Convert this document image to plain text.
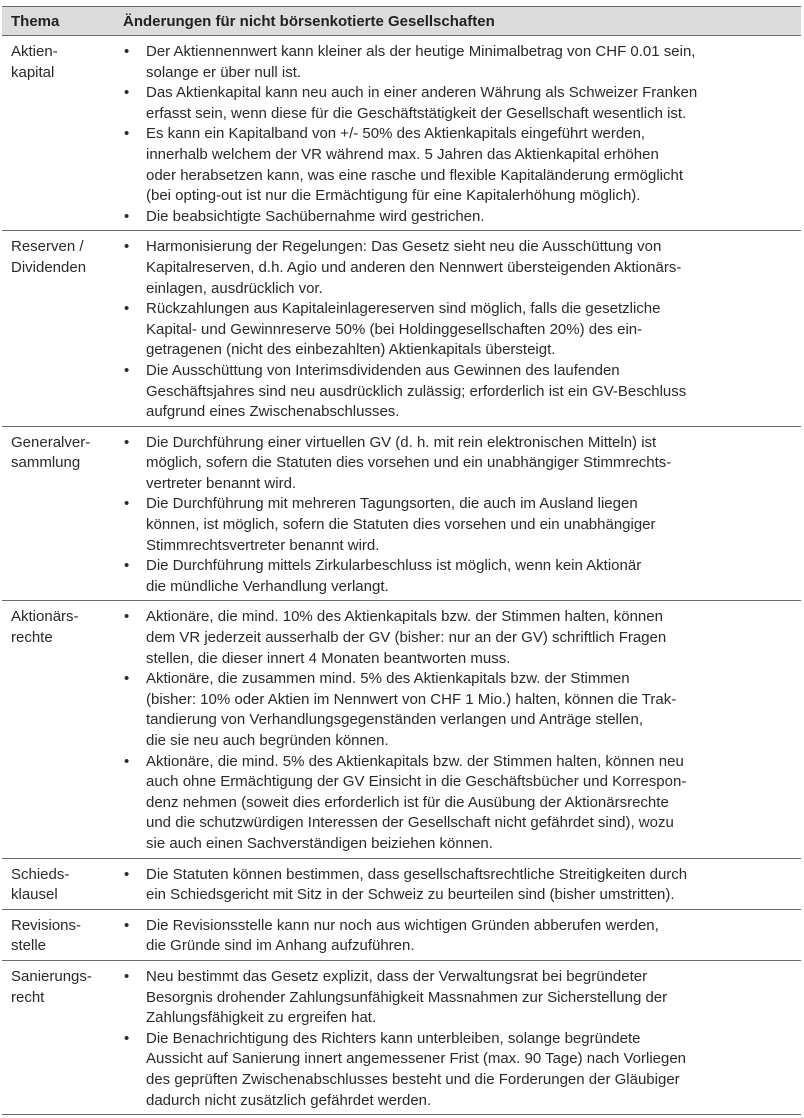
Thema	Änderungen für nicht börsenkotierte Gesellschaften
Aktien-
kapital
•	Der Aktiennennwert kann kleiner als der heutige Minimalbetrag von CHF 0.01 sein,
solange er über null ist.
•	Das Aktienkapital kann neu auch in einer anderen Währung als Schweizer Franken
erfasst sein, wenn diese für die Geschäftstätigkeit der Gesellschaft wesentlich ist.
•	Es kann ein Kapitalband von +/- 50% des Aktienkapitals eingeführt werden,
innerhalb welchem der VR während max. 5 Jahren das Aktienkapital erhöhen
oder herabsetzen kann, was eine rasche und flexible Kapitaländerung ermöglicht
(bei opting-out ist nur die Ermächtigung für eine Kapitalerhöhung möglich).
•	Die beabsichtigte Sachübernahme wird gestrichen.
Reserven /
Dividenden
•	Harmonisierung der Regelungen: Das Gesetz sieht neu die Ausschüttung von
Kapitalreserven, d.h. Agio und anderen den Nennwert übersteigenden Aktionärs-
einlagen, ausdrücklich vor.
•	Rückzahlungen aus Kapitaleinlagereserven sind möglich, falls die gesetzliche
Kapital- und Gewinnreserve 50% (bei Holdinggesellschaften 20%) des ein-
getragenen (nicht des einbezahlten) Aktienkapitals übersteigt.
•	Die Ausschüttung von Interimsdividenden aus Gewinnen des laufenden
Geschäftsjahres sind neu ausdrücklich zulässig; erforderlich ist ein GV-Beschluss
aufgrund eines Zwischenabschlusses.
Generalver-
sammlung
•	Die Durchführung einer virtuellen GV (d. h. mit rein elektronischen Mitteln) ist
möglich, sofern die Statuten dies vorsehen und ein unabhängiger Stimmrechts-
vertreter benannt wird.
•	Die Durchführung mit mehreren Tagungsorten, die auch im Ausland liegen
können, ist möglich, sofern die Statuten dies vorsehen und ein unabhängiger
Stimmrechtsvertreter benannt wird.
•	Die Durchführung mittels Zirkularbeschluss ist möglich, wenn kein Aktionär
die mündliche Verhandlung verlangt.
Aktionärs-
rechte
•	Aktionäre, die mind. 10% des Aktienkapitals bzw. der Stimmen halten, können
dem VR jederzeit ausserhalb der GV (bisher: nur an der GV) schriftlich Fragen
stellen, die dieser innert 4 Monaten beantworten muss.
•	Aktionäre, die zusammen mind. 5% des Aktienkapitals bzw. der Stimmen
(bisher: 10% oder Aktien im Nennwert von CHF 1 Mio.) halten, können die Trak-
tandierung von Verhandlungsgegenständen verlangen und Anträge stellen,
die sie neu auch begründen können.
•	Aktionäre, die mind. 5% des Aktienkapitals bzw. der Stimmen halten, können neu
auch ohne Ermächtigung der GV Einsicht in die Geschäftsbücher und Korrespon-
denz nehmen (soweit dies erforderlich ist für die Ausübung der Aktionärsrechte
und die schutzwürdigen Interessen der Gesellschaft nicht gefährdet sind), wozu
sie auch einen Sachverständigen beiziehen können.
Schieds-
klausel
•	Die Statuten können bestimmen, dass gesellschaftsrechtliche Streitigkeiten durch
ein Schiedsgericht mit Sitz in der Schweiz zu beurteilen sind (bisher umstritten).
Revisions-
stelle
•	Die Revisionsstelle kann nur noch aus wichtigen Gründen abberufen werden,
die Gründe sind im Anhang aufzuführen.
Sanierungs-
recht
•	Neu bestimmt das Gesetz explizit, dass der Verwaltungsrat bei begründeter
Besorgnis drohender Zahlungsunfähigkeit Massnahmen zur Sicherstellung der
Zahlungsfähigkeit zu ergreifen hat.
•	Die Benachrichtigung des Richters kann unterbleiben, solange begründete
Aussicht auf Sanierung innert angemessener Frist (max. 90 Tage) nach Vorliegen
des geprüften Zwischenabschlusses besteht und die Forderungen der Gläubiger
dadurch nicht zusätzlich gefährdet werden.
